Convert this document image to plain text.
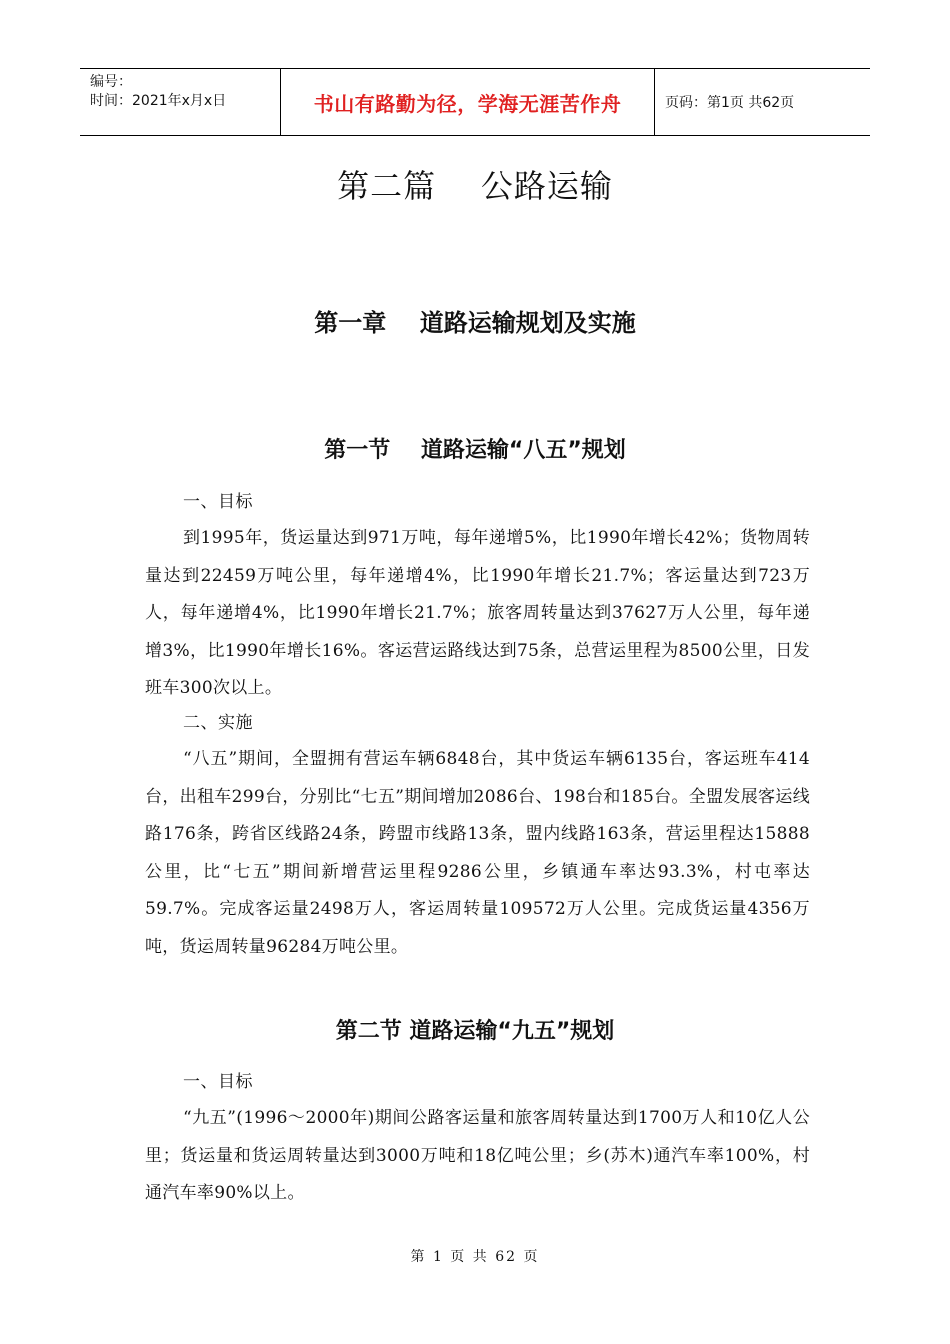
编号：
时间：2021年x月x日	书山有路勤为径，学海无涯苦作舟	页码：第1页 共62页
第二篇    公路运输
第一章    道路运输规划及实施
第一节    道路运输“八五”规划
一、目标
到1995年，货运量达到971万吨，每年递增5%，比1990年增长42%；货物周转量达到22459万吨公里，每年递增4%，比1990年增长21.7%；客运量达到723万人，每年递增4%，比1990年增长21.7%；旅客周转量达到37627万人公里，每年递增3%，比1990年增长16%。客运营运路线达到75条，总营运里程为8500公里，日发班车300次以上。
二、实施
“八五”期间，全盟拥有营运车辆6848台，其中货运车辆6135台，客运班车414台，出租车299台，分别比“七五”期间增加2086台、198台和185台。全盟发展客运线路176条，跨省区线路24条，跨盟市线路13条，盟内线路163条，营运里程达15888公里，比“七五”期间新增营运里程9286公里，乡镇通车率达93.3%，村屯率达59.7%。完成客运量2498万人，客运周转量109572万人公里。完成货运量4356万吨，货运周转量96284万吨公里。
第二节 道路运输“九五”规划
一、目标
“九五”(1996～2000年)期间公路客运量和旅客周转量达到1700万人和10亿人公里；货运量和货运周转量达到3000万吨和18亿吨公里；乡(苏木)通汽车率100%，村通汽车率90%以上。
第 1 页 共 62 页
